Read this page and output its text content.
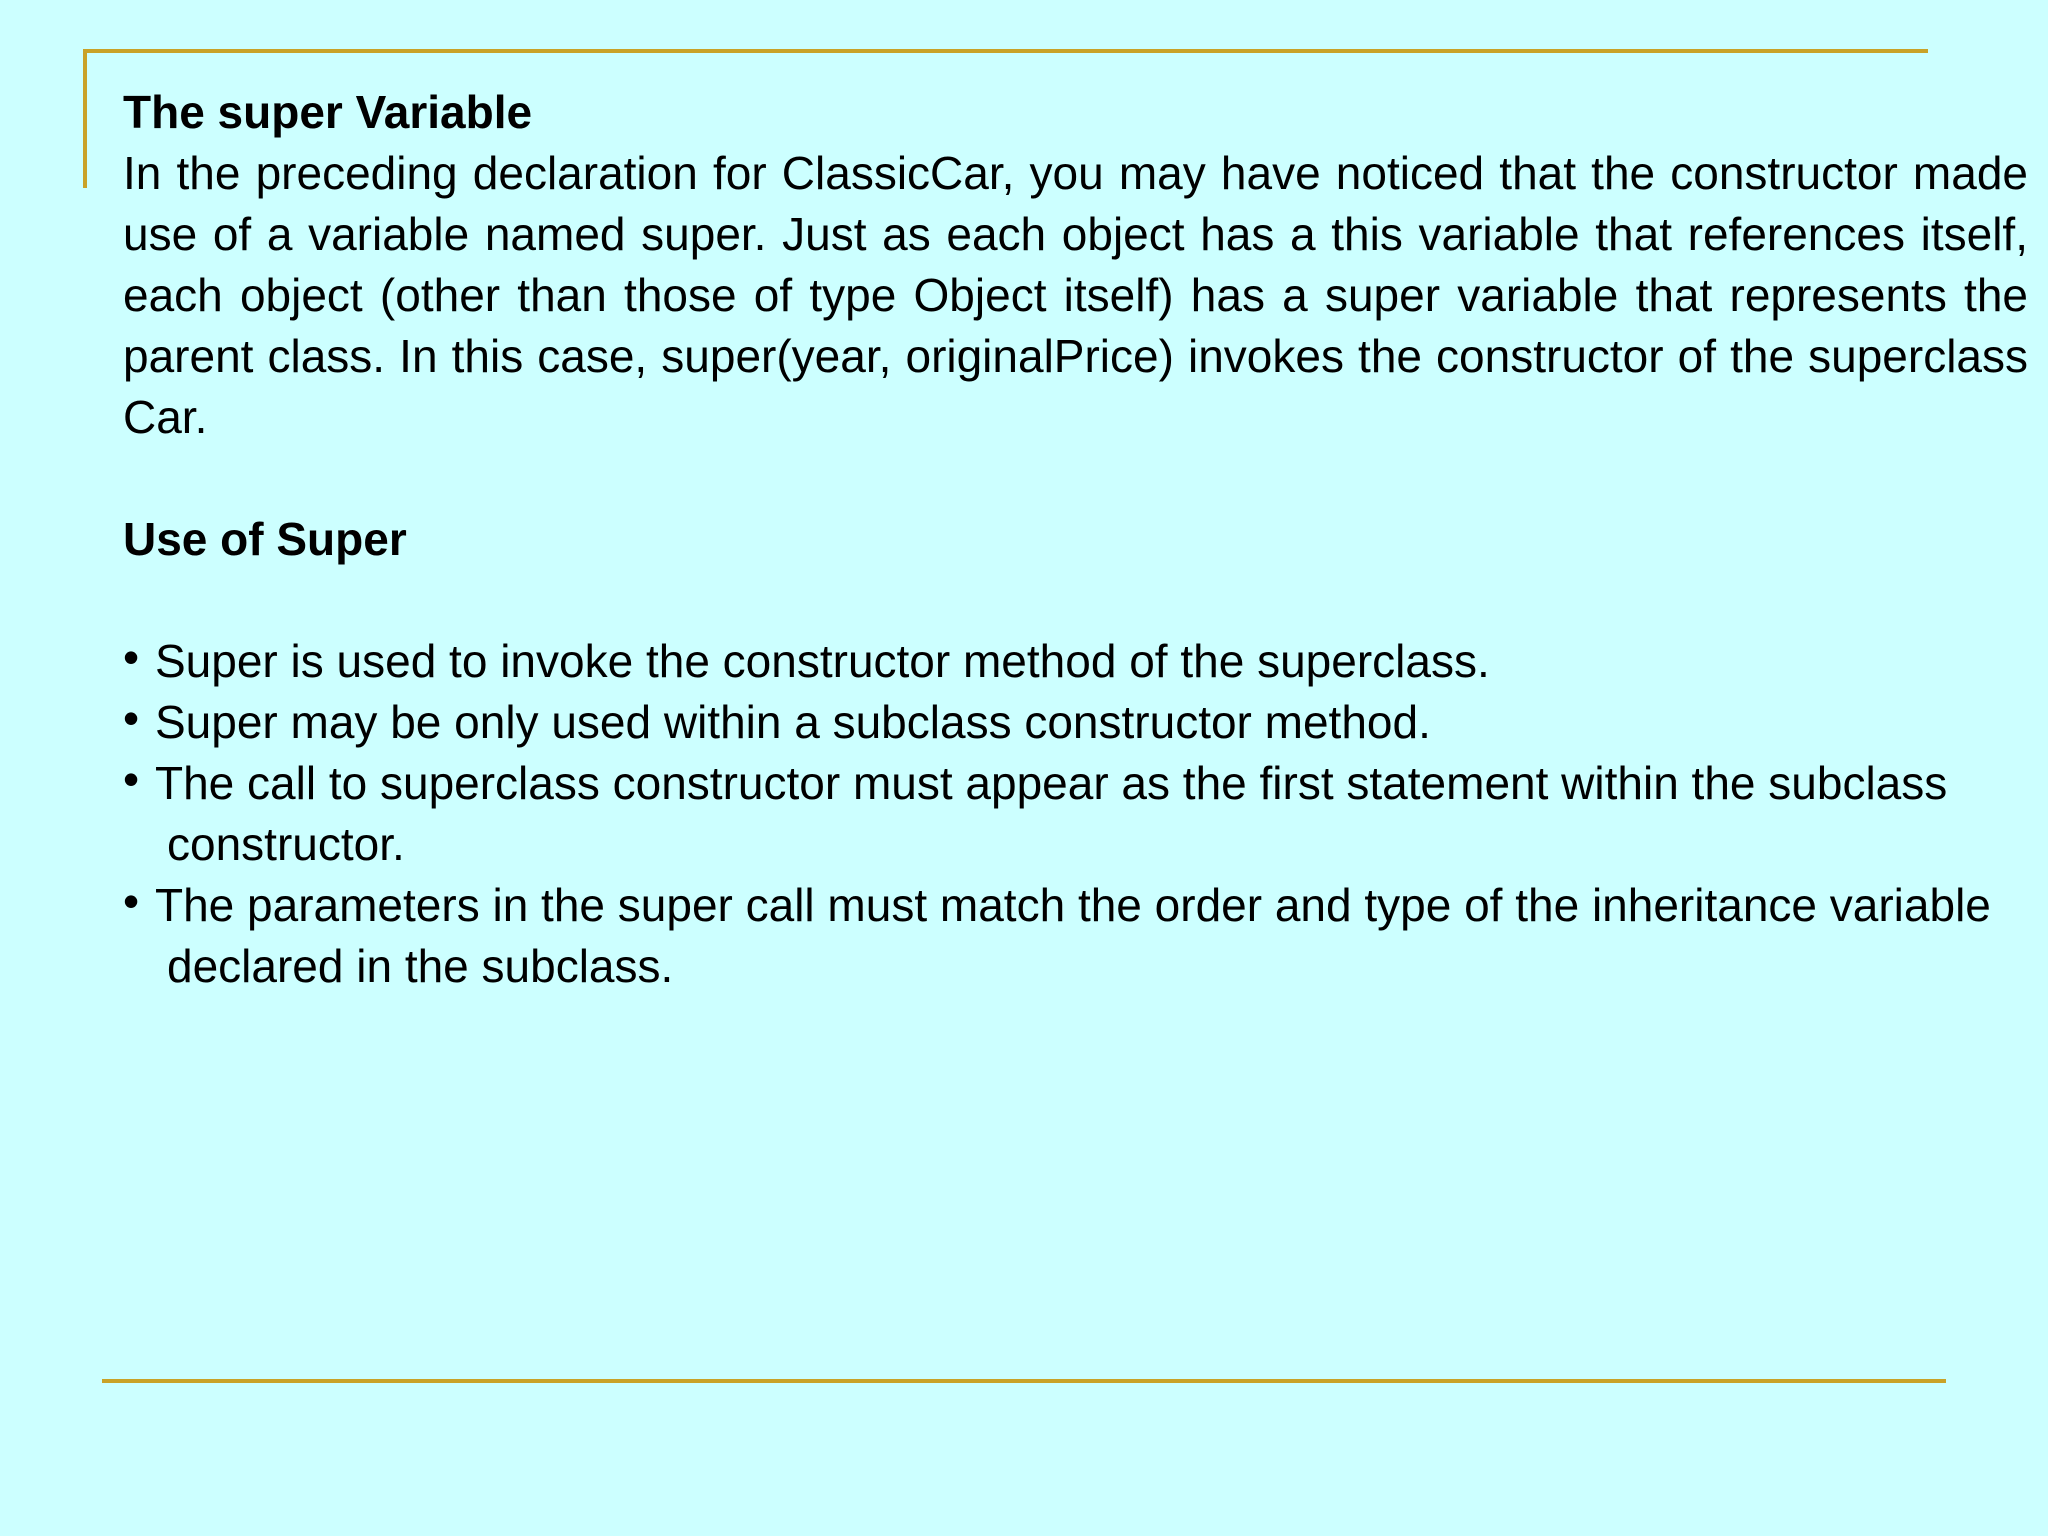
The super Variable

In the preceding declaration for ClassicCar, you may have noticed that the constructor made use of a variable named super. Just as each object has a this variable that references itself, each object (other than those of type Object itself) has a super variable that represents the parent class. In this case, super(year, originalPrice) invokes the constructor of the superclass Car.

Use of Super

• Super is used to invoke the constructor method of the superclass.
• Super may be only used within a subclass constructor method.
• The call to superclass constructor must appear as the first statement within the subclass constructor.
• The parameters in the super call must match the order and type of the inheritance variable declared in the subclass.
